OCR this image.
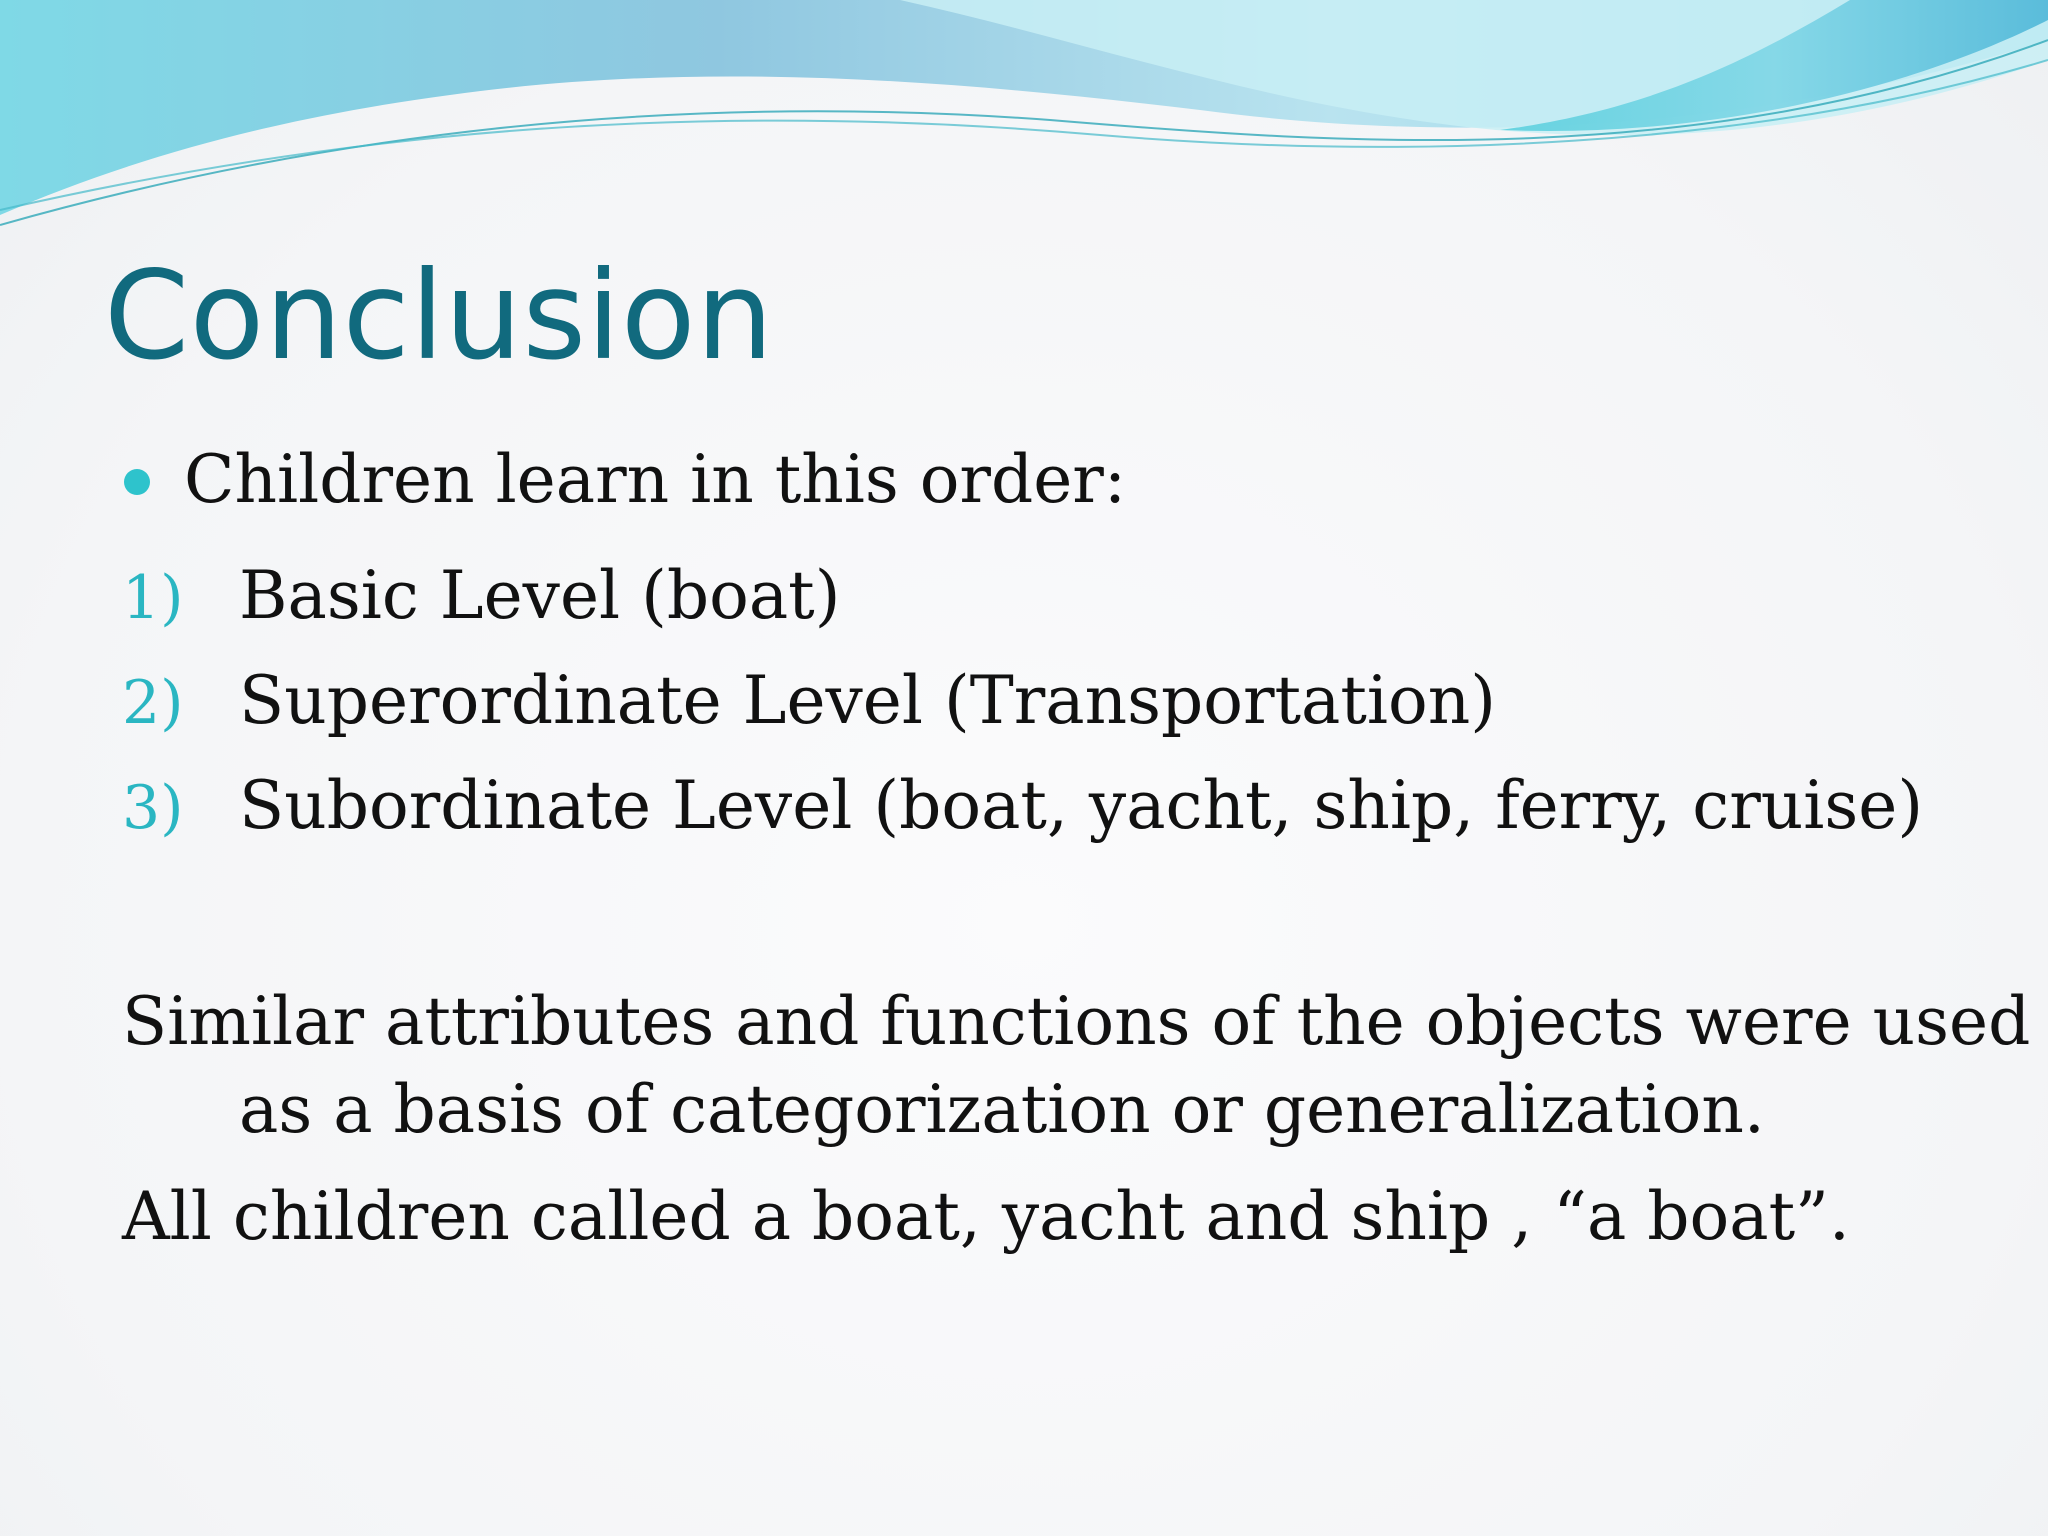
Conclusion
Children learn in this order:
1) Basic Level (boat)
2) Superordinate Level (Transportation)
3) Subordinate Level (boat, yacht, ship, ferry, cruise)

Similar attributes and functions of the objects were used
as a basis of categorization or generalization.

All children called a boat, yacht and ship , “a boat”.
